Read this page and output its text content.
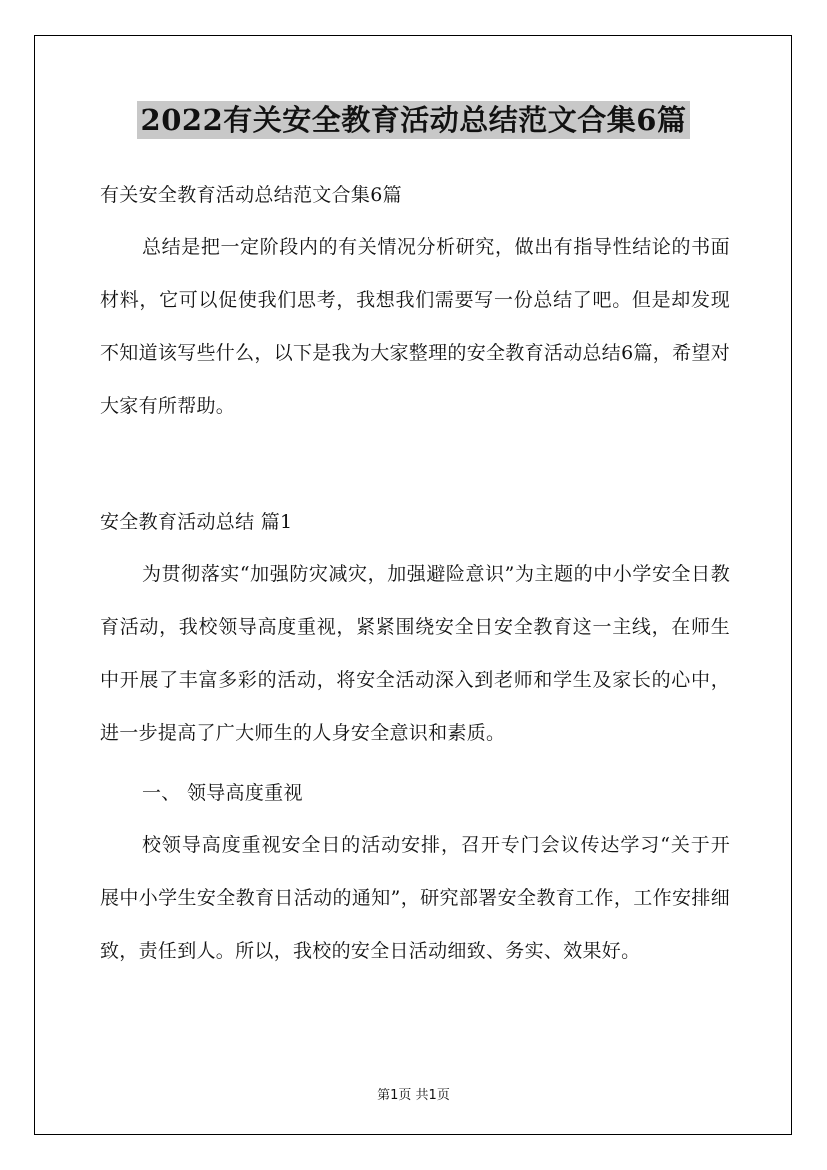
2022有关安全教育活动总结范文合集6篇

有关安全教育活动总结范文合集6篇

总结是把一定阶段内的有关情况分析研究，做出有指导性结论的书面材料，它可以促使我们思考，我想我们需要写一份总结了吧。但是却发现不知道该写些什么，以下是我为大家整理的安全教育活动总结6篇，希望对大家有所帮助。

安全教育活动总结 篇1

为贯彻落实“加强防灾减灾，加强避险意识”为主题的中小学安全日教育活动，我校领导高度重视，紧紧围绕安全日安全教育这一主线，在师生中开展了丰富多彩的活动，将安全活动深入到老师和学生及家长的心中，进一步提高了广大师生的人身安全意识和素质。

一、 领导高度重视

校领导高度重视安全日的活动安排，召开专门会议传达学习“关于开展中小学生安全教育日活动的通知”，研究部署安全教育工作，工作安排细致，责任到人。所以，我校的安全日活动细致、务实、效果好。

第1页 共1页
